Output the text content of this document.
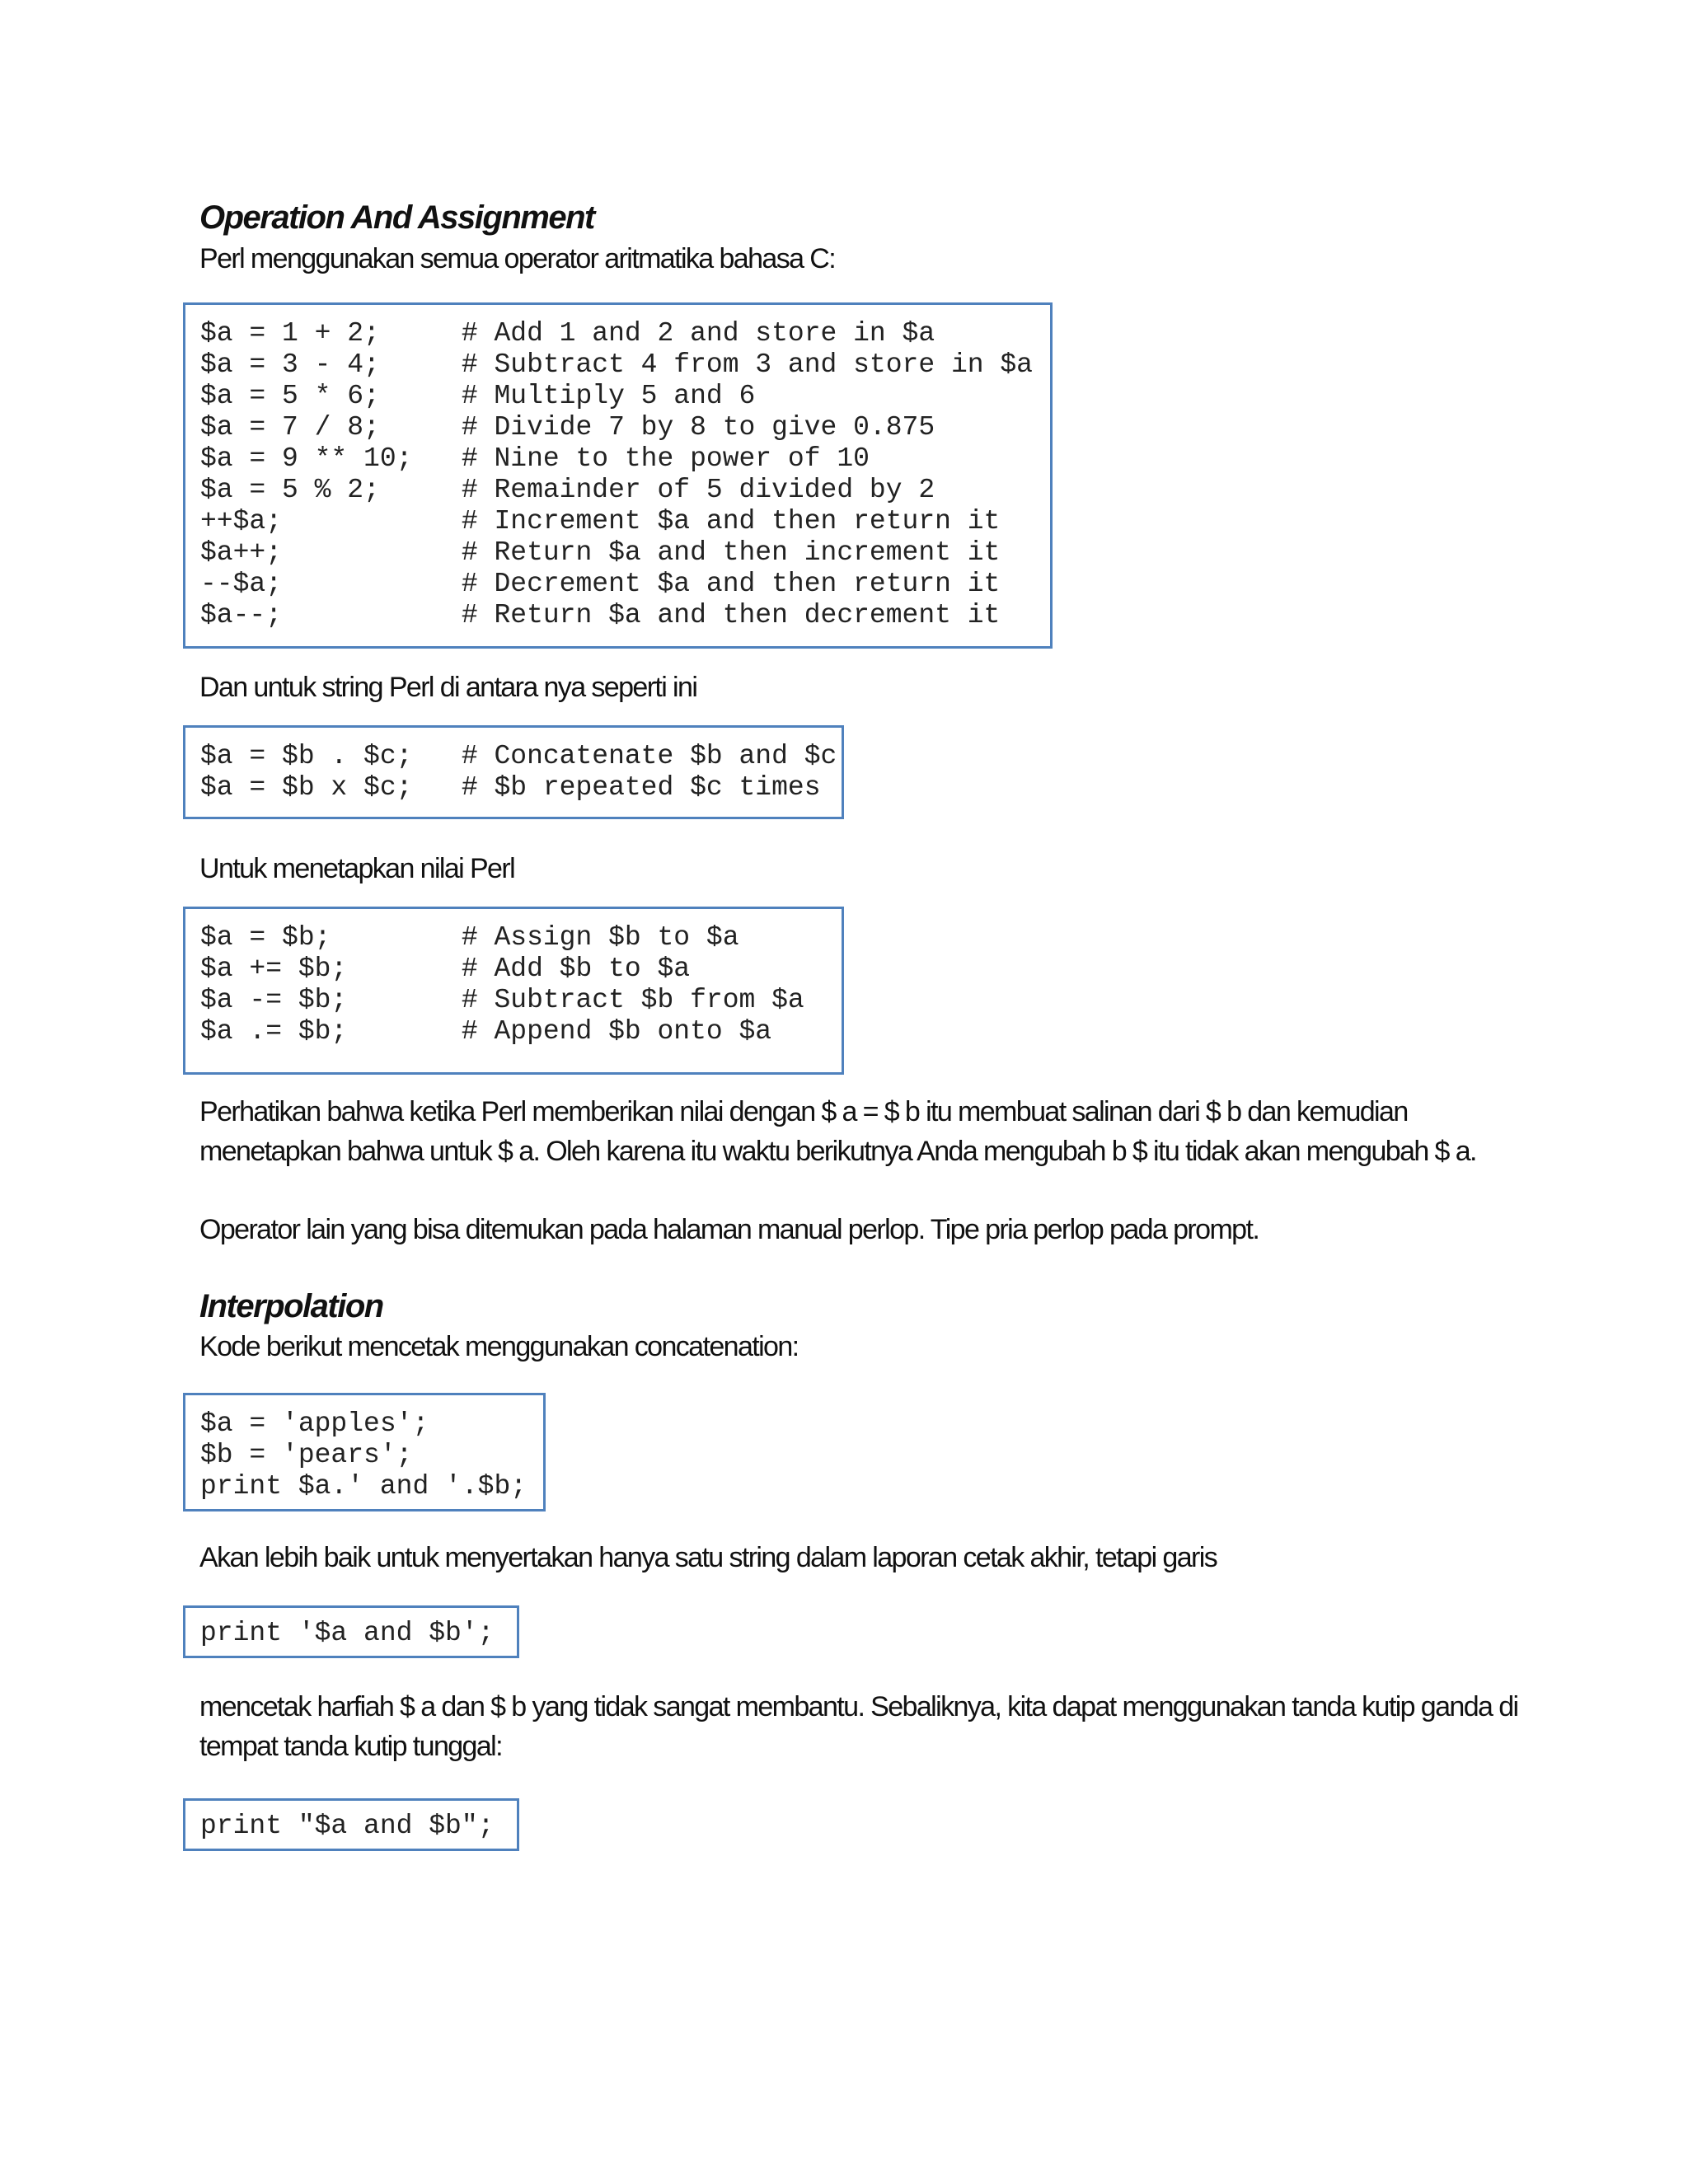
Operation And Assignment
Perl menggunakan semua operator aritmatika bahasa C:
$a = 1 + 2;     # Add 1 and 2 and store in $a
$a = 3 - 4;     # Subtract 4 from 3 and store in $a
$a = 5 * 6;     # Multiply 5 and 6
$a = 7 / 8;     # Divide 7 by 8 to give 0.875
$a = 9 ** 10;   # Nine to the power of 10
$a = 5 % 2;     # Remainder of 5 divided by 2
++$a;           # Increment $a and then return it
$a++;           # Return $a and then increment it
--$a;           # Decrement $a and then return it
$a--;           # Return $a and then decrement it
Dan untuk string Perl di antara nya seperti ini
$a = $b . $c;   # Concatenate $b and $c
$a = $b x $c;   # $b repeated $c times
Untuk menetapkan nilai Perl
$a = $b;        # Assign $b to $a
$a += $b;       # Add $b to $a
$a -= $b;       # Subtract $b from $a
$a .= $b;       # Append $b onto $a
Perhatikan bahwa ketika Perl memberikan nilai dengan $ a = $ b itu membuat salinan dari $ b dan kemudian menetapkan bahwa untuk $ a. Oleh karena itu waktu berikutnya Anda mengubah b $ itu tidak akan mengubah $ a.
Operator lain yang bisa ditemukan pada halaman manual perlop. Tipe pria perlop pada prompt.
Interpolation
Kode berikut mencetak menggunakan concatenation:
$a = 'apples';
$b = 'pears';
print $a.' and '.$b;
Akan lebih baik untuk menyertakan hanya satu string dalam laporan cetak akhir, tetapi garis
print '$a and $b';
mencetak harfiah $ a dan $ b yang tidak sangat membantu. Sebaliknya, kita dapat menggunakan tanda kutip ganda di tempat tanda kutip tunggal:
print "$a and $b";
